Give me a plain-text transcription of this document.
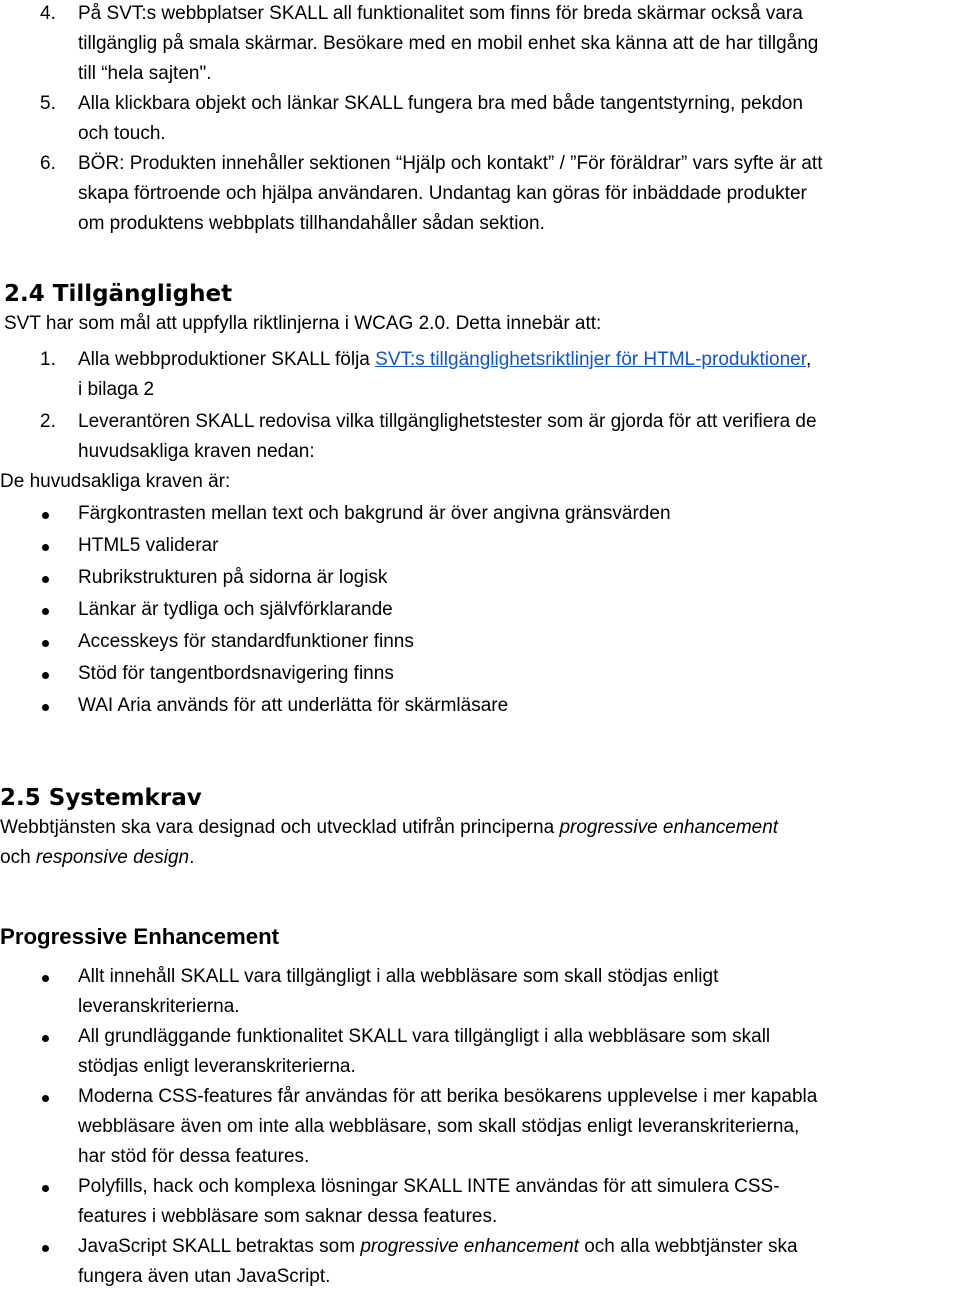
4. På SVT:s webbplatser SKALL all funktionalitet som finns för breda skärmar också vara
tillgänglig på smala skärmar. Besökare med en mobil enhet ska känna att de har tillgång
till “hela sajten".
5. Alla klickbara objekt och länkar SKALL fungera bra med både tangentstyrning, pekdon
och touch.
6. BÖR: Produkten innehåller sektionen “Hjälp och kontakt” / ”För föräldrar” vars syfte är att
skapa förtroende och hjälpa användaren. Undantag kan göras för inbäddade produkter
om produktens webbplats tillhandahåller sådan sektion.
2.4 Tillgänglighet

SVT har som mål att uppfylla riktlinjerna i WCAG 2.0. Detta innebär att:

1. Alla webbproduktioner SKALL följa SVT:s tillgänglighetsriktlinjer för HTML-produktioner,
i bilaga 2
2. Leverantören SKALL redovisa vilka tillgänglighetstester som är gjorda för att verifiera de
huvudsakliga kraven nedan:

De huvudsakliga kraven är:

Färgkontrasten mellan text och bakgrund är över angivna gränsvärden
HTML5 validerar
Rubrikstrukturen på sidorna är logisk
Länkar är tydliga och självförklarande
Accesskeys för standardfunktioner finns
Stöd för tangentbordsnavigering finns
WAI Aria används för att underlätta för skärmläsare
2.5 Systemkrav

Webbtjänsten ska vara designad och utvecklad utifrån principerna progressive enhancement
och responsive design.

Progressive Enhancement
Allt innehåll SKALL vara tillgängligt i alla webbläsare som skall stödjas enligt
leveranskriterierna.
All grundläggande funktionalitet SKALL vara tillgängligt i alla webbläsare som skall
stödjas enligt leveranskriterierna.
Moderna CSS-features får användas för att berika besökarens upplevelse i mer kapabla
webbläsare även om inte alla webbläsare, som skall stödjas enligt leveranskriterierna,
har stöd för dessa features.
Polyfills, hack och komplexa lösningar SKALL INTE användas för att simulera CSS-
features i webbläsare som saknar dessa features.
JavaScript SKALL betraktas som progressive enhancement och alla webbtjänster ska
fungera även utan JavaScript.
